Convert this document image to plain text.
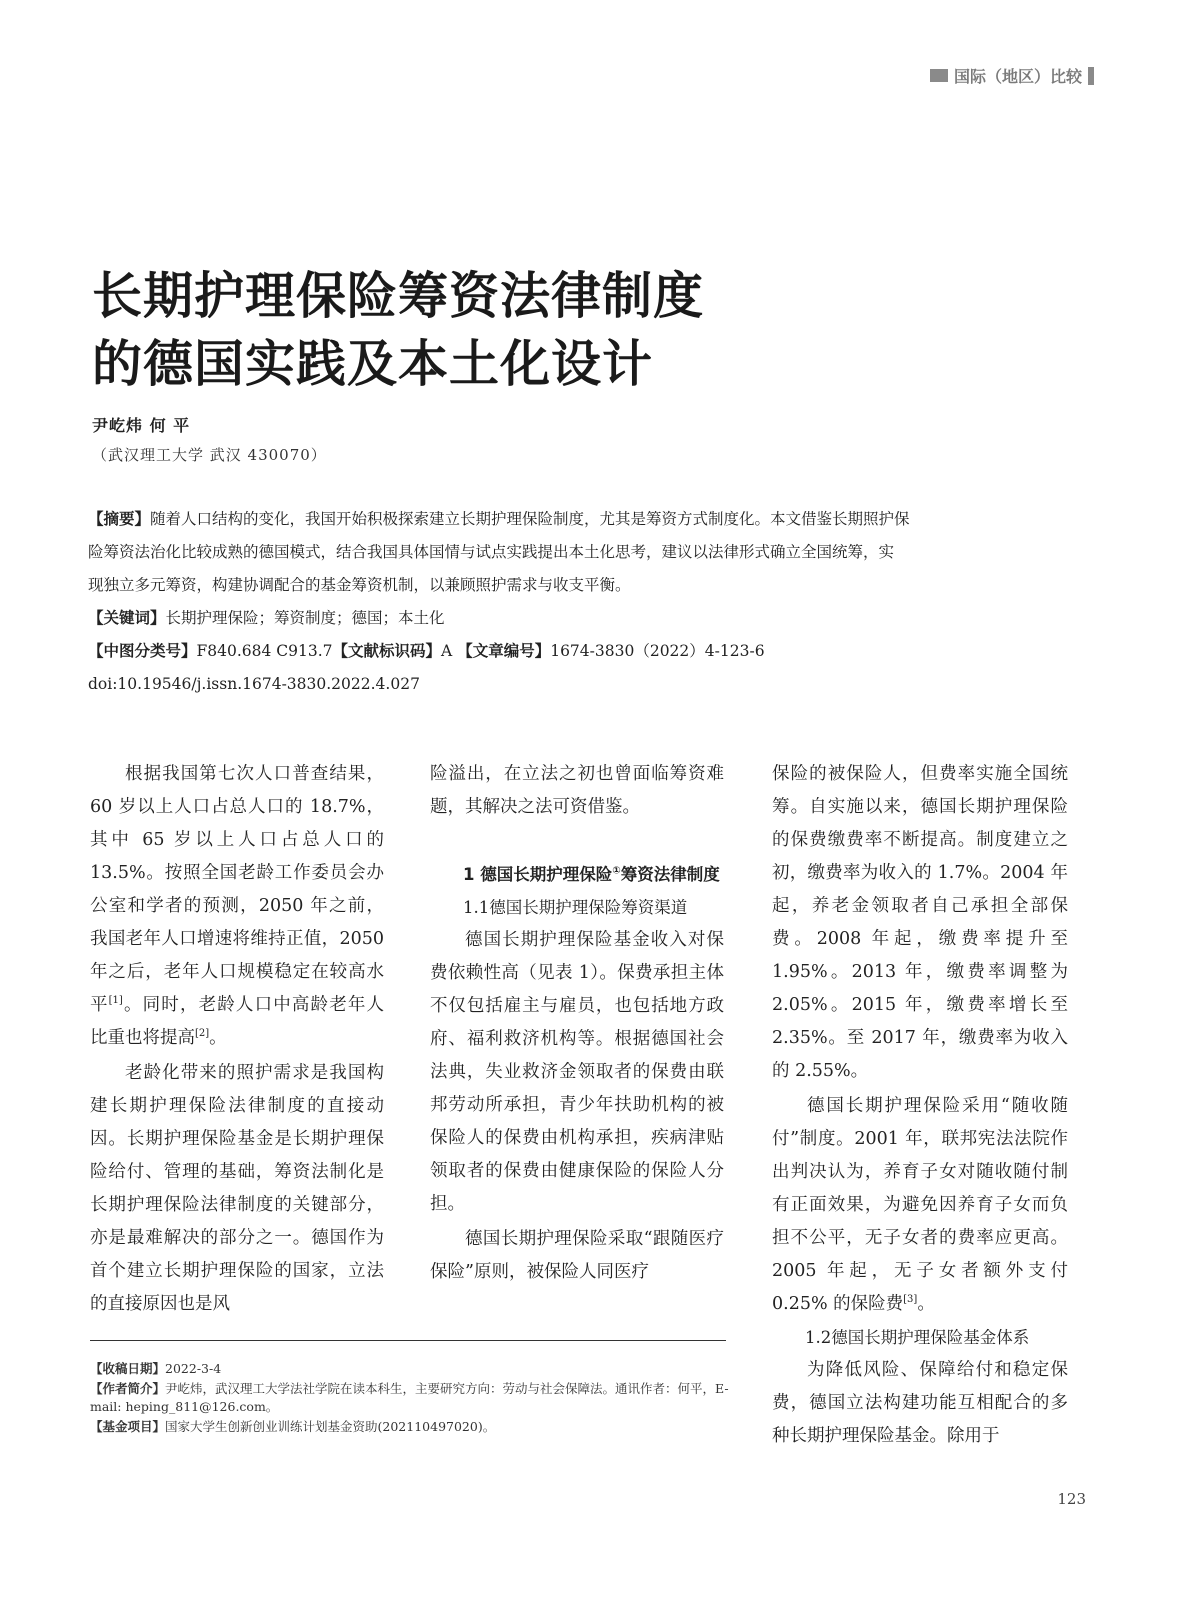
国际（地区）比较
长期护理保险筹资法律制度
的德国实践及本土化设计
尹屹炜 何 平
（武汉理工大学 武汉 430070）
【摘要】随着人口结构的变化，我国开始积极探索建立长期护理保险制度，尤其是筹资方式制度化。本文借鉴长期照护保
险筹资法治化比较成熟的德国模式，结合我国具体国情与试点实践提出本土化思考，建议以法律形式确立全国统筹，实
现独立多元筹资，构建协调配合的基金筹资机制，以兼顾照护需求与收支平衡。
【关键词】长期护理保险；筹资制度；德国；本土化
【中图分类号】F840.684 C913.7【文献标识码】A 【文章编号】1674-3830（2022）4-123-6
doi:10.19546/j.issn.1674-3830.2022.4.027

根据我国第七次人口普查结果，60 岁以上人口占总人口的 18.7%，其中 65 岁以上人口占总人口的 13.5%。按照全国老龄工作委员会办公室和学者的预测，2050 年之前，我国老年人口增速将维持正值，2050 年之后，老年人口规模稳定在较高水平[1]。同时，老龄人口中高龄老年人比重也将提高[2]。

老龄化带来的照护需求是我国构建长期护理保险法律制度的直接动因。长期护理保险基金是长期护理保险给付、管理的基础，筹资法制化是长期护理保险法律制度的关键部分，亦是最难解决的部分之一。德国作为首个建立长期护理保险的国家，立法的直接原因也是风

险溢出，在立法之初也曾面临筹资难题，其解决之法可资借鉴。

1 德国长期护理保险①筹资法律制度

1.1德国长期护理保险筹资渠道

德国长期护理保险基金收入对保费依赖性高（见表 1）。保费承担主体不仅包括雇主与雇员，也包括地方政府、福利救济机构等。根据德国社会法典，失业救济金领取者的保费由联邦劳动所承担，青少年扶助机构的被保险人的保费由机构承担，疾病津贴领取者的保费由健康保险的保险人分担。

德国长期护理保险采取“跟随医疗保险”原则，被保险人同医疗

保险的被保险人，但费率实施全国统筹。自实施以来，德国长期护理保险的保费缴费率不断提高。制度建立之初，缴费率为收入的 1.7%。2004 年起，养老金领取者自己承担全部保费。2008 年起，缴费率提升至 1.95%。2013 年，缴费率调整为 2.05%。2015 年，缴费率增长至 2.35%。至 2017 年，缴费率为收入的 2.55%。

德国长期护理保险采用“随收随付”制度。2001 年，联邦宪法法院作出判决认为，养育子女对随收随付制有正面效果，为避免因养育子女而负担不公平，无子女者的费率应更高。2005 年起，无子女者额外支付 0.25% 的保险费[3]。

1.2德国长期护理保险基金体系

为降低风险、保障给付和稳定保费，德国立法构建功能互相配合的多种长期护理保险基金。除用于

【收稿日期】2022-3-4
【作者简介】尹屹炜，武汉理工大学法社学院在读本科生，主要研究方向：劳动与社会保障法。通讯作者：何平，E-mail: heping_811@126.com。
【基金项目】国家大学生创新创业训练计划基金资助(202110497020)。
123
